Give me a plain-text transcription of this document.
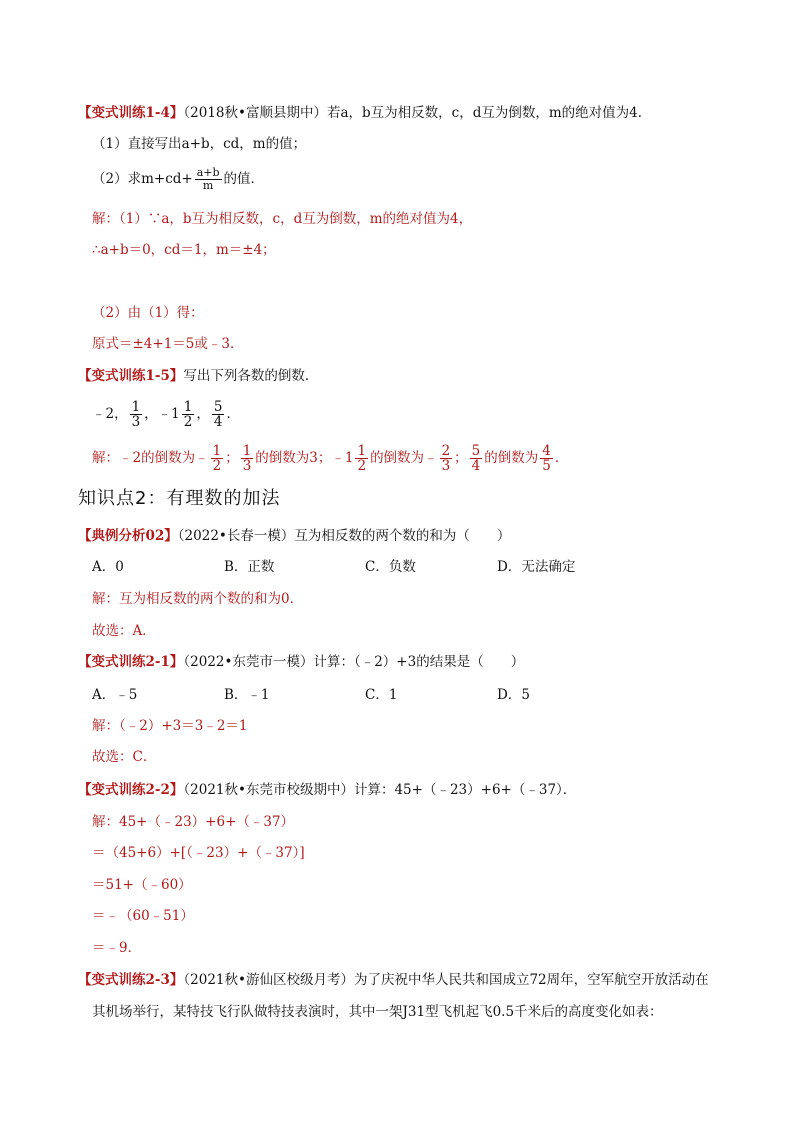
【变式训练1-4】（2018秋•富顺县期中）若a，b互为相反数，c，d互为倒数，m的绝对值为4．
（1）直接写出a+b，cd，m的值；
（2）求$m+cd+ \frac{a+b}{m}$ 的值．
解：（1）∵a，b互为相反数，c，d互为倒数，m的绝对值为4，
∴a+b＝0，cd＝1，m＝±4；
（2）由（1）得：
原式＝±4+1＝5或﹣3．
【变式训练1-5】写出下列各数的倒数．
﹣2， $\frac{1}{3}$ ，﹣1 $\frac{1}{2}$ ， $\frac{5}{4}$ ．
解：﹣2的倒数为﹣ $\frac{1}{2}$ ； $\frac{1}{3}$ 的倒数为3；﹣1 $\frac{1}{2}$ 的倒数为﹣ $\frac{2}{3}$ ； $\frac{5}{4}$ 的倒数为 $\frac{4}{5}$ ．
知识点2：有理数的加法
【典例分析02】（2022•长春一模）互为相反数的两个数的和为（　　）
A．0	B．正数	C．负数	D．无法确定
解：互为相反数的两个数的和为0．
故选：A．
【变式训练2-1】（2022•东莞市一模）计算：（﹣2）+3的结果是（　　）
A．﹣5	B．﹣1	C．1	D．5
解：（﹣2）+3＝3﹣2＝1
故选：C．
【变式训练2-2】（2021秋•东莞市校级期中）计算：45+（﹣23）+6+（﹣37）．
解：45+（﹣23）+6+（﹣37）
＝（45+6）+[（﹣23）+（﹣37）]
＝51+（﹣60）
＝﹣（60﹣51）
＝﹣9．
【变式训练2-3】（2021秋•游仙区校级月考）为了庆祝中华人民共和国成立72周年，空军航空开放活动在
其机场举行，某特技飞行队做特技表演时，其中一架J31型飞机起飞0.5千米后的高度变化如表：
